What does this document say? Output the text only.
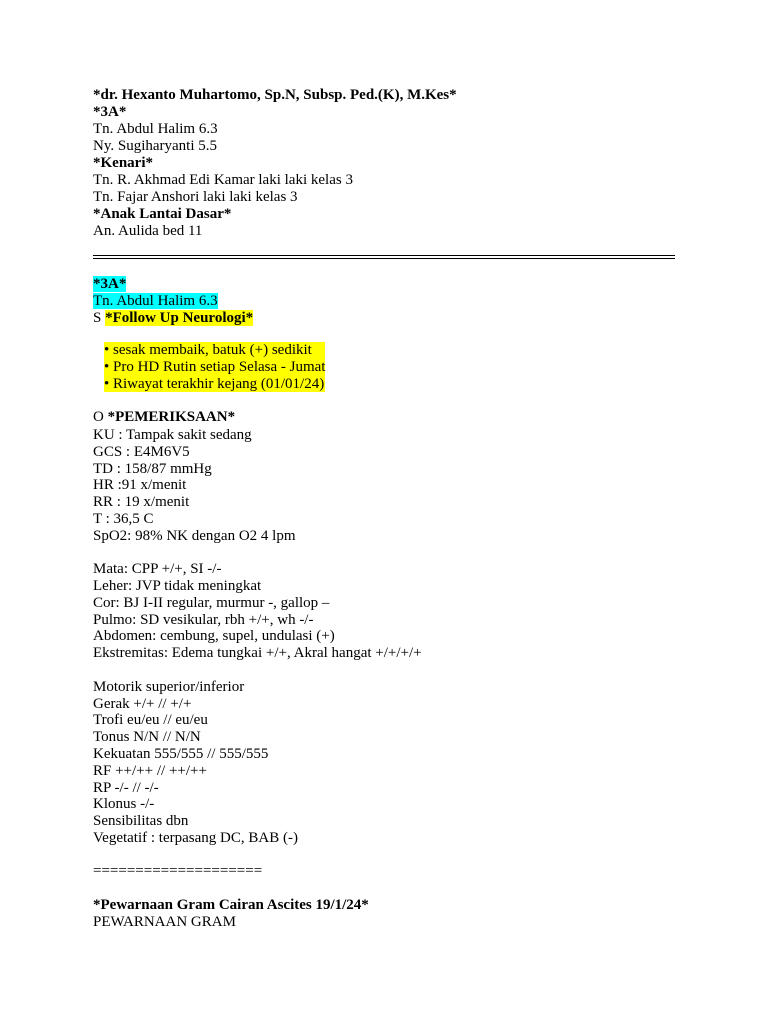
*dr. Hexanto Muhartomo, Sp.N, Subsp. Ped.(K), M.Kes*
*3A*
Tn. Abdul Halim 6.3
Ny. Sugiharyanti 5.5
*Kenari*
Tn. R. Akhmad Edi Kamar laki laki kelas 3
Tn. Fajar Anshori laki laki kelas 3
*Anak Lantai Dasar*
An. Aulida bed 11
*3A*
Tn. Abdul Halim 6.3
S *Follow Up Neurologi*
• sesak membaik, batuk (+) sedikit
• Pro HD Rutin setiap Selasa - Jumat
• Riwayat terakhir kejang (01/01/24)
O *PEMERIKSAAN*
KU : Tampak sakit sedang
GCS : E4M6V5
TD : 158/87 mmHg
HR :91 x/menit
RR : 19 x/menit
T : 36,5 C
SpO2: 98% NK dengan O2 4 lpm
Mata: CPP +/+, SI -/-
Leher: JVP tidak meningkat
Cor: BJ I-II regular, murmur -, gallop –
Pulmo: SD vesikular, rbh +/+, wh -/-
Abdomen: cembung, supel, undulasi (+)
Ekstremitas: Edema tungkai +/+, Akral hangat +/+/+/+
Motorik superior/inferior
Gerak +/+ // +/+
Trofi eu/eu // eu/eu
Tonus N/N // N/N
Kekuatan 555/555 // 555/555
RF ++/++ // ++/++
RP -/- // -/-
Klonus -/-
Sensibilitas dbn
Vegetatif : terpasang DC, BAB (-)
====================
*Pewarnaan Gram Cairan Ascites 19/1/24*
PEWARNAAN GRAM
